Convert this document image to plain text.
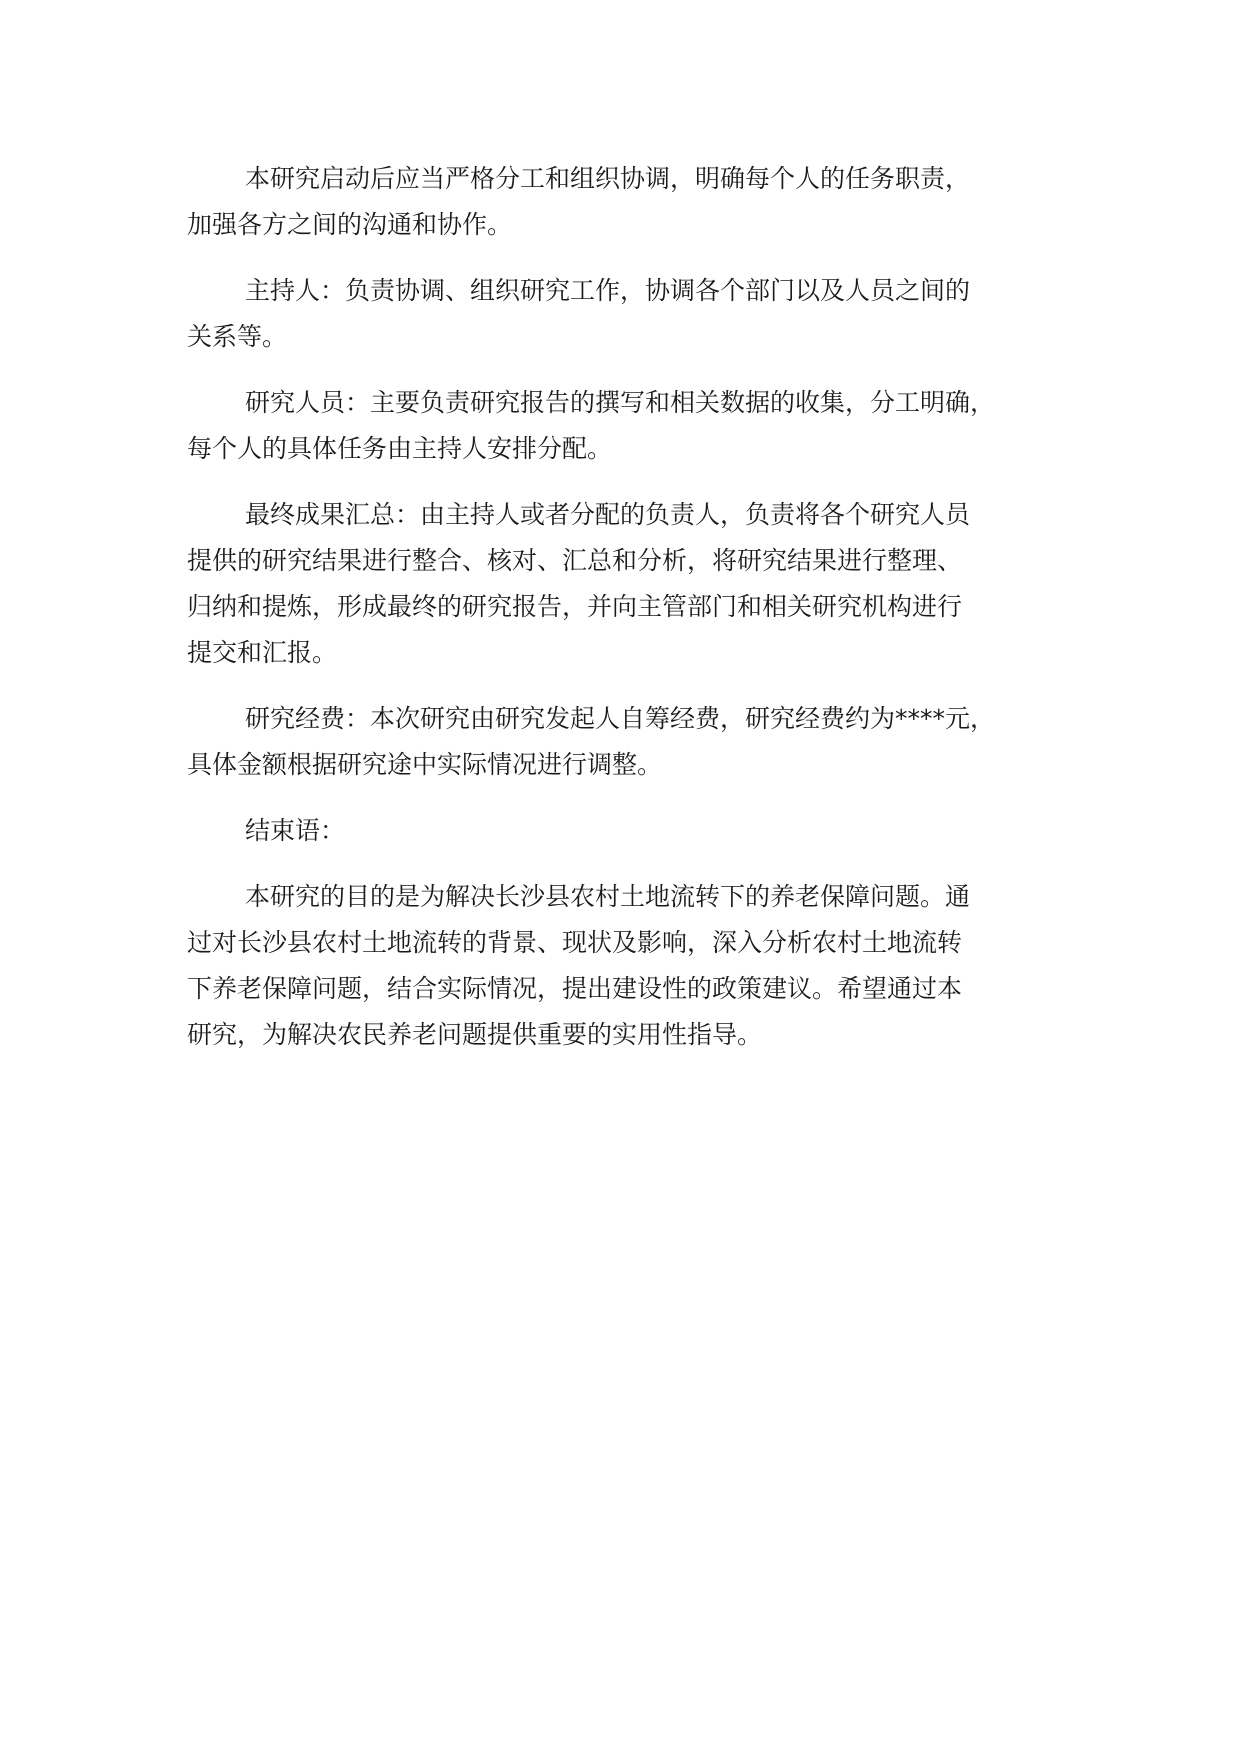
本研究启动后应当严格分工和组织协调，明确每个人的任务职责，
加强各方之间的沟通和协作。

主持人：负责协调、组织研究工作，协调各个部门以及人员之间的
关系等。

研究人员：主要负责研究报告的撰写和相关数据的收集，分工明确，
每个人的具体任务由主持人安排分配。

最终成果汇总：由主持人或者分配的负责人，负责将各个研究人员
提供的研究结果进行整合、核对、汇总和分析，将研究结果进行整理、
归纳和提炼，形成最终的研究报告，并向主管部门和相关研究机构进行
提交和汇报。

研究经费：本次研究由研究发起人自筹经费，研究经费约为****元，
具体金额根据研究途中实际情况进行调整。

结束语：

本研究的目的是为解决长沙县农村土地流转下的养老保障问题。通
过对长沙县农村土地流转的背景、现状及影响，深入分析农村土地流转
下养老保障问题，结合实际情况，提出建设性的政策建议。希望通过本
研究，为解决农民养老问题提供重要的实用性指导。
